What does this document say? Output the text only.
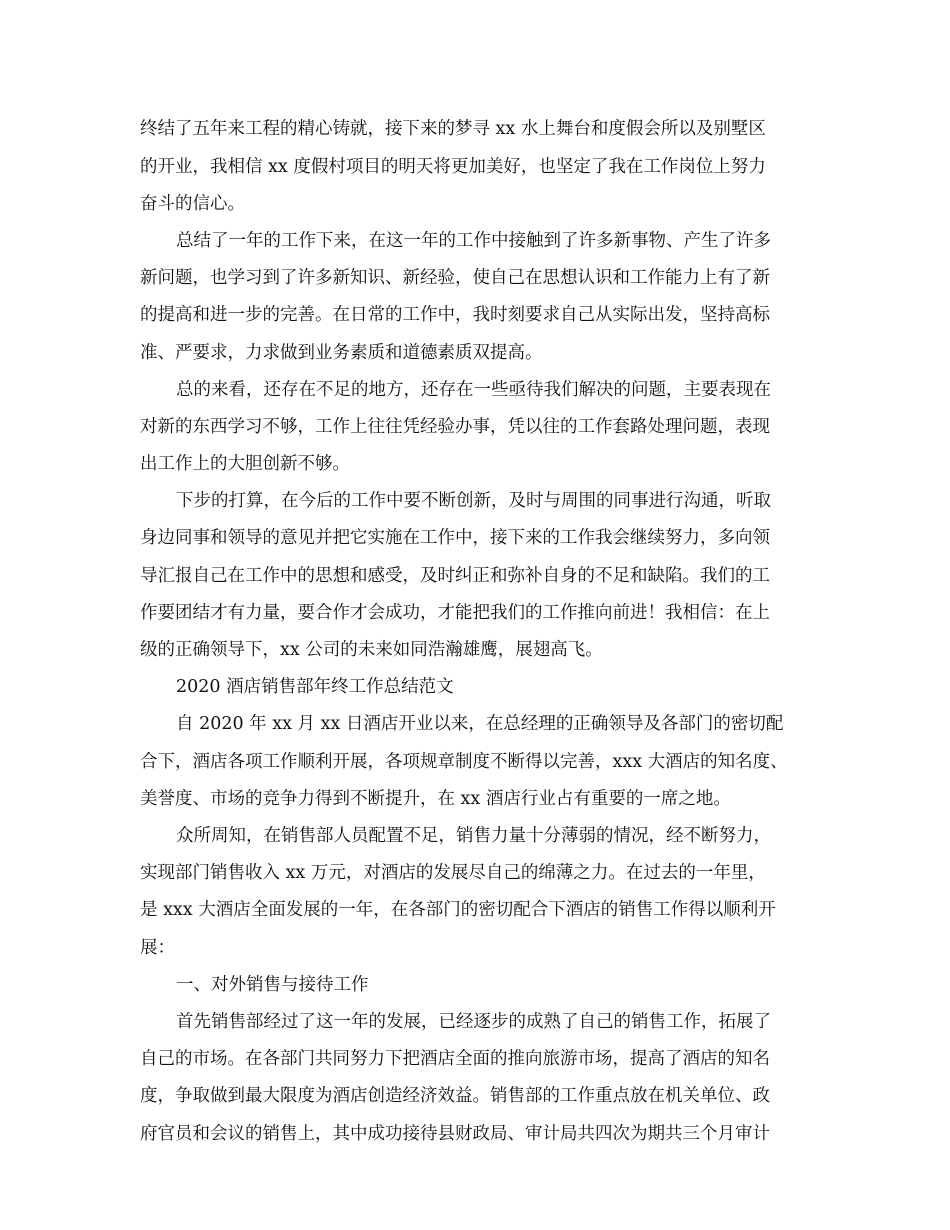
终结了五年来工程的精心铸就，接下来的梦寻 xx 水上舞台和度假会所以及别墅区
的开业，我相信 xx 度假村项目的明天将更加美好，也坚定了我在工作岗位上努力
奋斗的信心。
总结了一年的工作下来，在这一年的工作中接触到了许多新事物、产生了许多
新问题，也学习到了许多新知识、新经验，使自己在思想认识和工作能力上有了新
的提高和进一步的完善。在日常的工作中，我时刻要求自己从实际出发，坚持高标
准、严要求，力求做到业务素质和道德素质双提高。
总的来看，还存在不足的地方，还存在一些亟待我们解决的问题，主要表现在
对新的东西学习不够，工作上往往凭经验办事，凭以往的工作套路处理问题，表现
出工作上的大胆创新不够。
下步的打算，在今后的工作中要不断创新，及时与周围的同事进行沟通，听取
身边同事和领导的意见并把它实施在工作中，接下来的工作我会继续努力，多向领
导汇报自己在工作中的思想和感受，及时纠正和弥补自身的不足和缺陷。我们的工
作要团结才有力量，要合作才会成功，才能把我们的工作推向前进！我相信：在上
级的正确领导下，xx 公司的未来如同浩瀚雄鹰，展翅高飞。
2020 酒店销售部年终工作总结范文
自 2020 年 xx 月 xx 日酒店开业以来，在总经理的正确领导及各部门的密切配
合下，酒店各项工作顺利开展，各项规章制度不断得以完善，xxx 大酒店的知名度、
美誉度、市场的竞争力得到不断提升，在 xx 酒店行业占有重要的一席之地。
众所周知，在销售部人员配置不足，销售力量十分薄弱的情况，经不断努力，
实现部门销售收入 xx 万元，对酒店的发展尽自己的绵薄之力。在过去的一年里，
是 xxx 大酒店全面发展的一年，在各部门的密切配合下酒店的销售工作得以顺利开
展：
一、对外销售与接待工作
首先销售部经过了这一年的发展，已经逐步的成熟了自己的销售工作，拓展了
自己的市场。在各部门共同努力下把酒店全面的推向旅游市场，提高了酒店的知名
度，争取做到最大限度为酒店创造经济效益。销售部的工作重点放在机关单位、政
府官员和会议的销售上，其中成功接待县财政局、审计局共四次为期共三个月审计
